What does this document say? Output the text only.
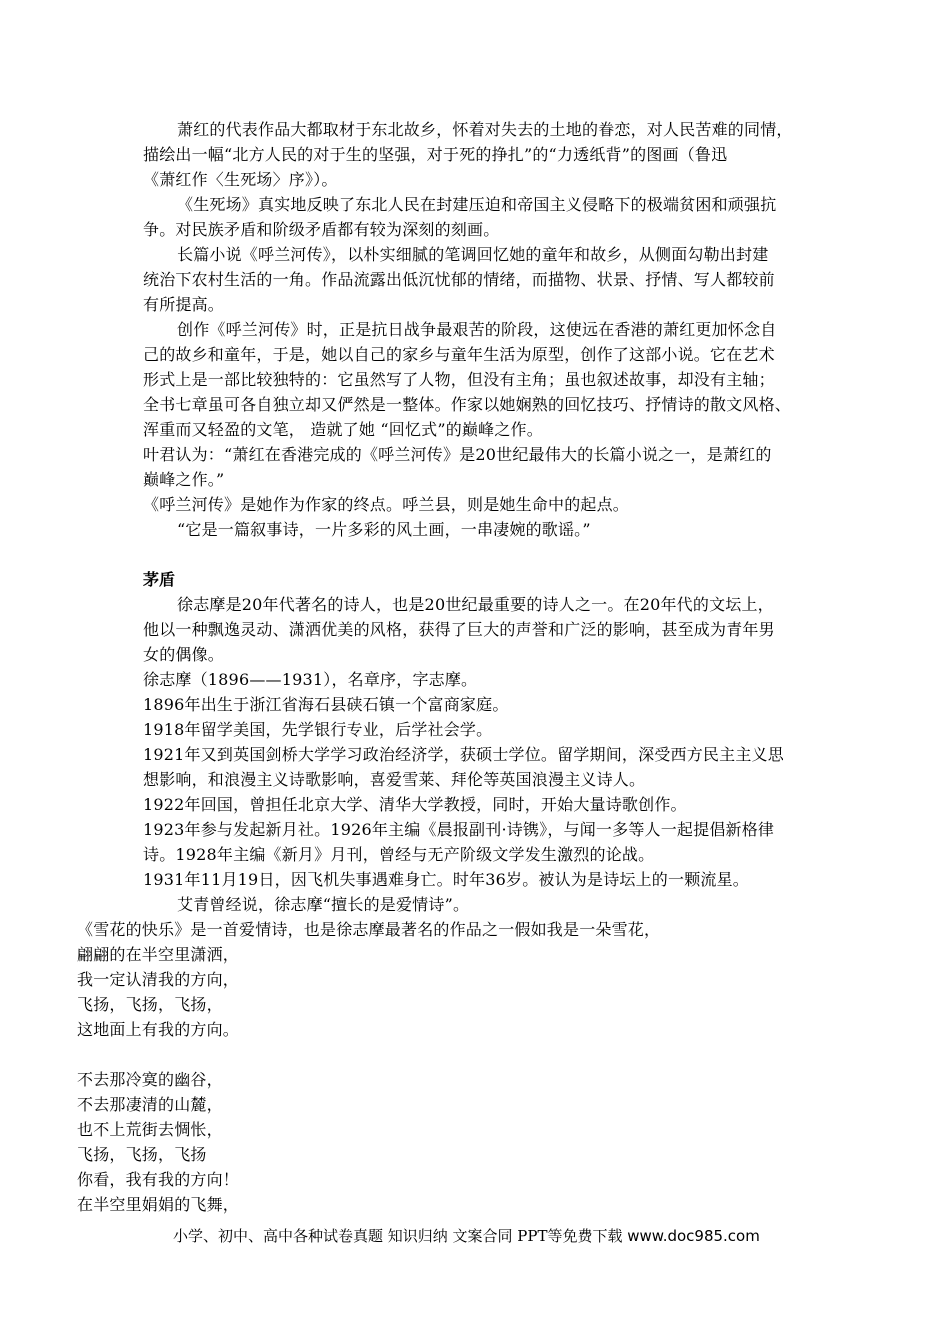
萧红的代表作品大都取材于东北故乡，怀着对失去的土地的眷恋，对人民苦难的同情，
描绘出一幅“北方人民的对于生的坚强，对于死的挣扎”的“力透纸背”的图画（鲁迅
《萧红作〈生死场〉序》）。
《生死场》真实地反映了东北人民在封建压迫和帝国主义侵略下的极端贫困和顽强抗
争。对民族矛盾和阶级矛盾都有较为深刻的刻画。
长篇小说《呼兰河传》，以朴实细腻的笔调回忆她的童年和故乡，从侧面勾勒出封建
统治下农村生活的一角。作品流露出低沉忧郁的情绪，而描物、状景、抒情、写人都较前
有所提高。
创作《呼兰河传》时，正是抗日战争最艰苦的阶段，这使远在香港的萧红更加怀念自
己的故乡和童年，于是，她以自己的家乡与童年生活为原型，创作了这部小说。它在艺术
形式上是一部比较独特的：它虽然写了人物，但没有主角；虽也叙述故事，却没有主轴；
全书七章虽可各自独立却又俨然是一整体。作家以她娴熟的回忆技巧、抒情诗的散文风格、
浑重而又轻盈的文笔， 造就了她 “回忆式”的巅峰之作。
叶君认为：“萧红在香港完成的《呼兰河传》是20世纪最伟大的长篇小说之一，是萧红的
巅峰之作。”
《呼兰河传》是她作为作家的终点。呼兰县，则是她生命中的起点。
“它是一篇叙事诗，一片多彩的风土画，一串凄婉的歌谣。”
茅盾
徐志摩是20年代著名的诗人，也是20世纪最重要的诗人之一。在20年代的文坛上，
他以一种飘逸灵动、潇洒优美的风格，获得了巨大的声誉和广泛的影响，甚至成为青年男
女的偶像。
徐志摩（1896——1931），名章序，字志摩。
1896年出生于浙江省海石县硖石镇一个富商家庭。
1918年留学美国，先学银行专业，后学社会学。
1921年又到英国剑桥大学学习政治经济学，获硕士学位。留学期间，深受西方民主主义思
想影响，和浪漫主义诗歌影响，喜爱雪莱、拜伦等英国浪漫主义诗人。
1922年回国，曾担任北京大学、清华大学教授，同时，开始大量诗歌创作。
1923年参与发起新月社。1926年主编《晨报副刊·诗镌》，与闻一多等人一起提倡新格律
诗。1928年主编《新月》月刊，曾经与无产阶级文学发生激烈的论战。
1931年11月19日，因飞机失事遇难身亡。时年36岁。被认为是诗坛上的一颗流星。
艾青曾经说，徐志摩“擅长的是爱情诗”。
《雪花的快乐》是一首爱情诗，也是徐志摩最著名的作品之一假如我是一朵雪花，
翩翩的在半空里潇洒，
我一定认清我的方向，
飞扬，飞扬，飞扬，
这地面上有我的方向。
不去那冷寞的幽谷，
不去那凄清的山麓，
也不上荒街去惆怅，
飞扬，飞扬，飞扬
你看，我有我的方向！
在半空里娟娟的飞舞，
小学、初中、高中各种试卷真题 知识归纳 文案合同 PPT等免费下载 www.doc985.com
